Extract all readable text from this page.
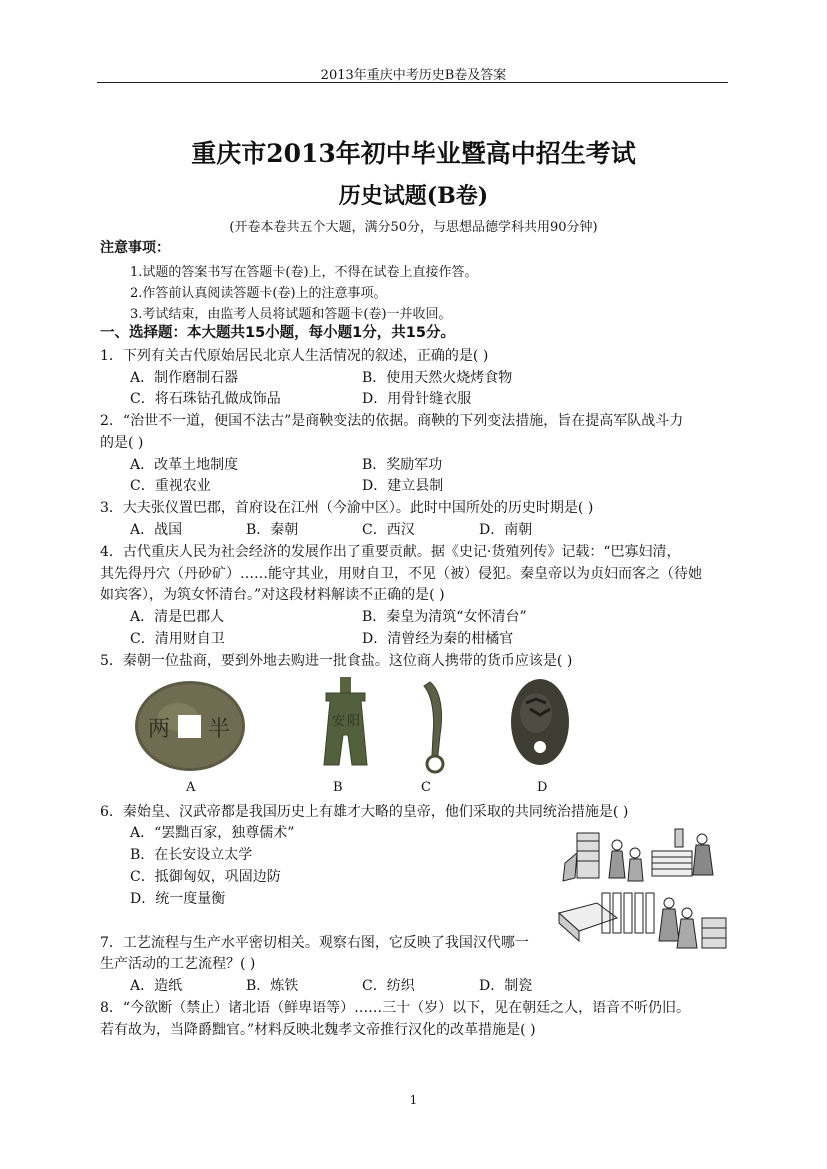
2013年重庆中考历史B卷及答案
重庆市2013年初中毕业暨高中招生考试
历史试题(B卷)
(开卷本卷共五个大题，满分50分，与思想品德学科共用90分钟)
注意事项：
1.试题的答案书写在答题卡(卷)上，不得在试卷上直接作答。
2.作答前认真阅读答题卡(卷)上的注意事项。
3.考试结束，由监考人员将试题和答题卡(卷)一并收回。
一、选择题：本大题共15小题，每小题1分，共15分。
1．下列有关古代原始居民北京人生活情况的叙述，正确的是( )
A．制作磨制石器	B．使用天然火烧烤食物
C．将石珠钻孔做成饰品	D．用骨针缝衣服
2．“治世不一道，便国不法古”是商鞅变法的依据。商鞅的下列变法措施，旨在提高军队战斗力
的是( )
A．改革土地制度	B．奖励军功
C．重视农业	D．建立县制
3．大夫张仪置巴郡，首府设在江州（今渝中区）。此时中国所处的历史时期是( )
A．战国	B．秦朝	C．西汉	D．南朝
4．古代重庆人民为社会经济的发展作出了重要贡献。据《史记·货殖列传》记载：“巴寡妇清，
其先得丹穴（丹砂矿）……能守其业，用财自卫，不见（被）侵犯。秦皇帝以为贞妇而客之（待她
如宾客），为筑女怀清台。”对这段材料解读不正确的是( )
A．清是巴郡人	B．秦皇为清筑“女怀清台”
C．清用财自卫	D．清曾经为秦的柑橘官
5．秦朝一位盐商，要到外地去购进一批食盐。这位商人携带的货币应该是( )
两 半
A
安 阳
B	C	D
6．秦始皇、汉武帝都是我国历史上有雄才大略的皇帝，他们采取的共同统治措施是( )
A．“罢黜百家，独尊儒术”
B．在长安设立太学
C．抵御匈奴，巩固边防
D．统一度量衡
7．工艺流程与生产水平密切相关。观察右图，它反映了我国汉代哪一
生产活动的工艺流程？( )
A．造纸	B．炼铁	C．纺织	D．制瓷
8．“今欲断（禁止）诸北语（鲜卑语等）……三十（岁）以下，见在朝廷之人，语音不听仍旧。
若有故为，当降爵黜官。”材料反映北魏孝文帝推行汉化的改革措施是( )
1
